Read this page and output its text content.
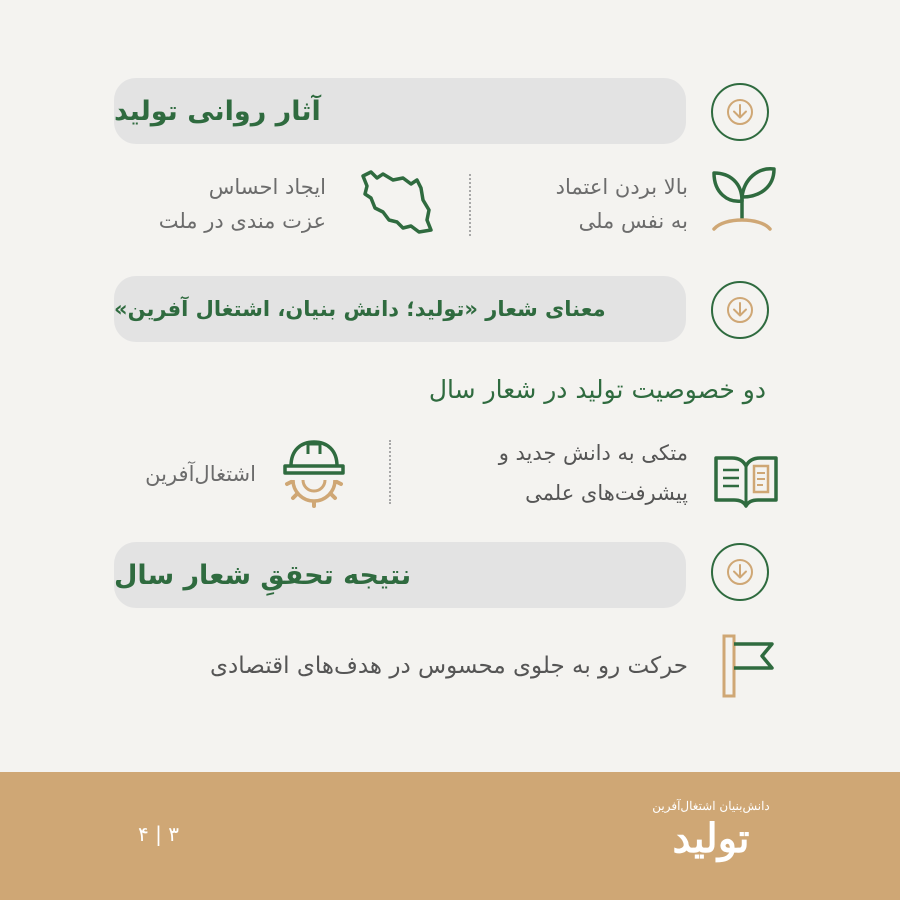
آثار روانی تولید
بالا بردن اعتماد
به نفس ملی
ایجاد احساس
عزت مندی در ملت
معنای شعار «تولید؛ دانش بنیان، اشتغال آفرین»
دو خصوصیت تولید در شعار سال
متکی به دانش جدید و
پیشرفت‌های علمی
اشتغال‌آفرین
نتیجه تحققِ شعار سال
حرکت رو به جلوی محسوس در هدف‌های اقتصادی
۴ | ۳
دانش‌بنیان اشتغال‌آفرین
تولید
